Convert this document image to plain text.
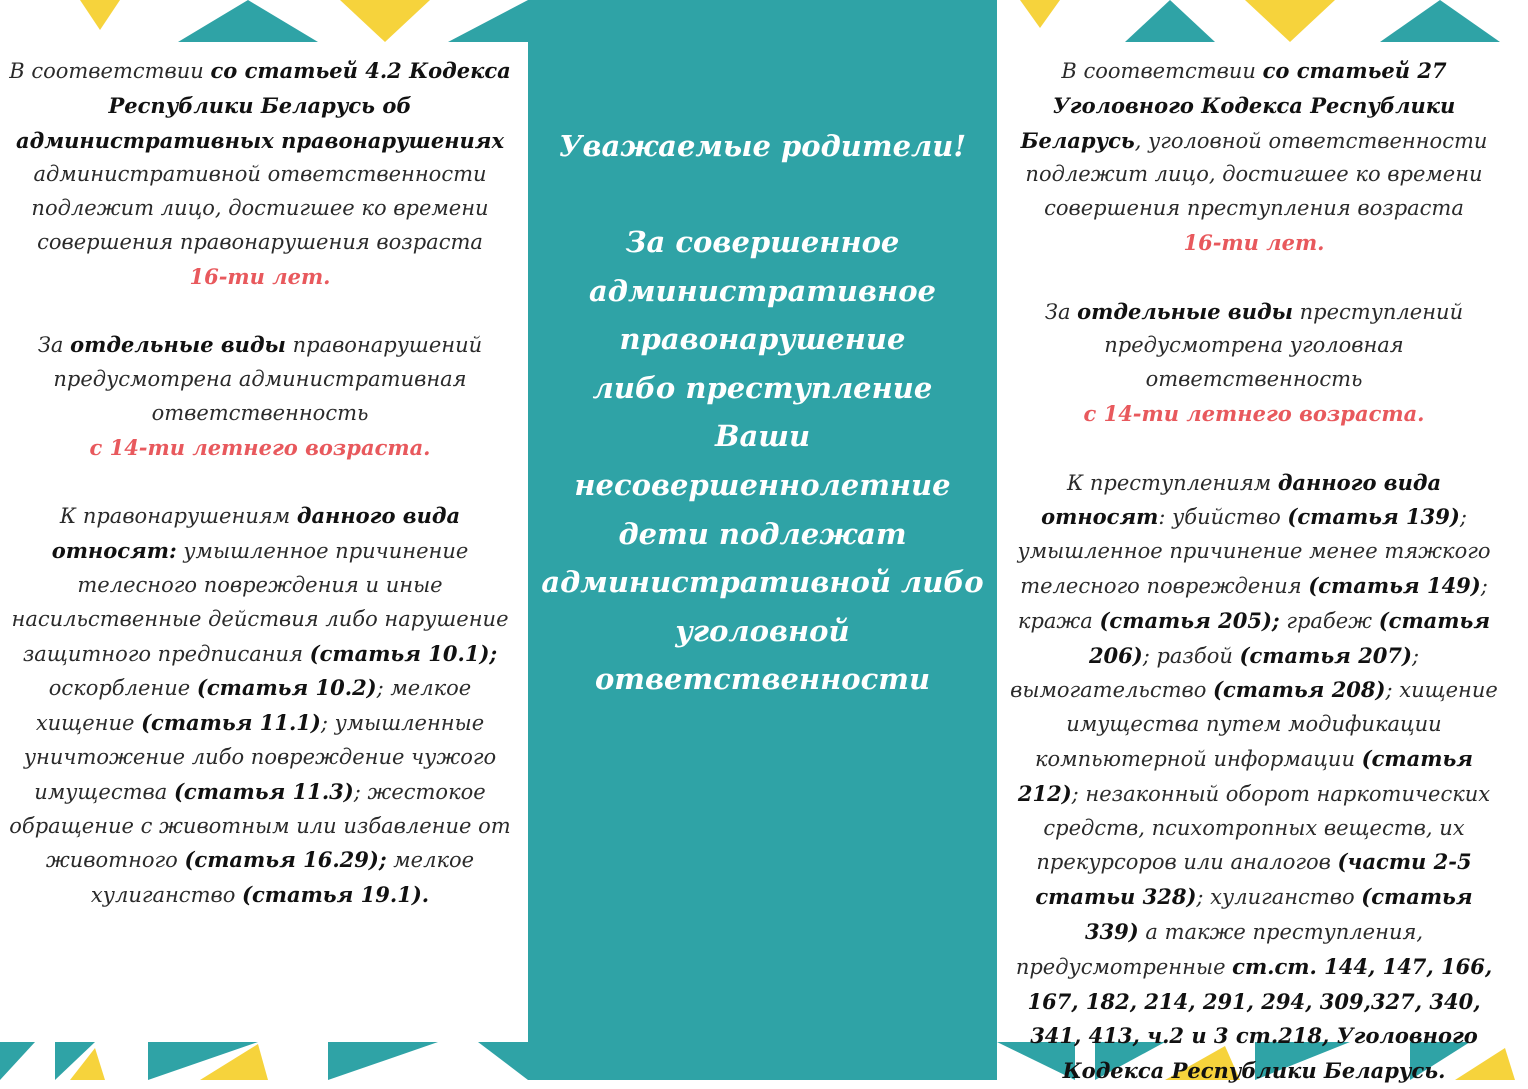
В соответствии со статьей 4.2 Кодекса Республики Беларусь об административных правонарушениях административной ответственности подлежит лицо, достигшее ко времени совершения правонарушения возраста
16-ти лет.

За отдельные виды правонарушений предусмотрена административная ответственность
с 14-ти летнего возраста.

К правонарушениям данного вида относят: умышленное причинение телесного повреждения и иные насильственные действия либо нарушение защитного предписания (статья 10.1); оскорбление (статья 10.2); мелкое хищение (статья 11.1); умышленные уничтожение либо повреждение чужого имущества (статья 11.3); жестокое обращение с животным или избавление от животного (статья 16.29); мелкое хулиганство (статья 19.1).

Уважаемые родители!
За совершенное
административное
правонарушение
либо преступление
Ваши несовершеннолетние
дети подлежат
административной либо
уголовной
ответственности

В соответствии со статьей 27 Уголовного Кодекса Республики Беларусь, уголовной ответственности подлежит лицо, достигшее ко времени совершения преступления возраста
16-ти лет.

За отдельные виды преступлений предусмотрена уголовная ответственность
с 14-ти летнего возраста.

К преступлениям данного вида относят: убийство (статья 139); умышленное причинение менее тяжкого телесного повреждения (статья 149); кража (статья 205); грабеж (статья 206); разбой (статья 207); вымогательство (статья 208); хищение имущества путем модификации компьютерной информации (статья 212); незаконный оборот наркотических средств, психотропных веществ, их прекурсоров или аналогов (части 2-5 статьи 328); хулиганство (статья 339) а также преступления, предусмотренные ст.ст. 144, 147, 166, 167, 182, 214, 291, 294, 309,327, 340, 341, 413, ч.2 и 3 ст.218, Уголовного Кодекса Республики Беларусь.
